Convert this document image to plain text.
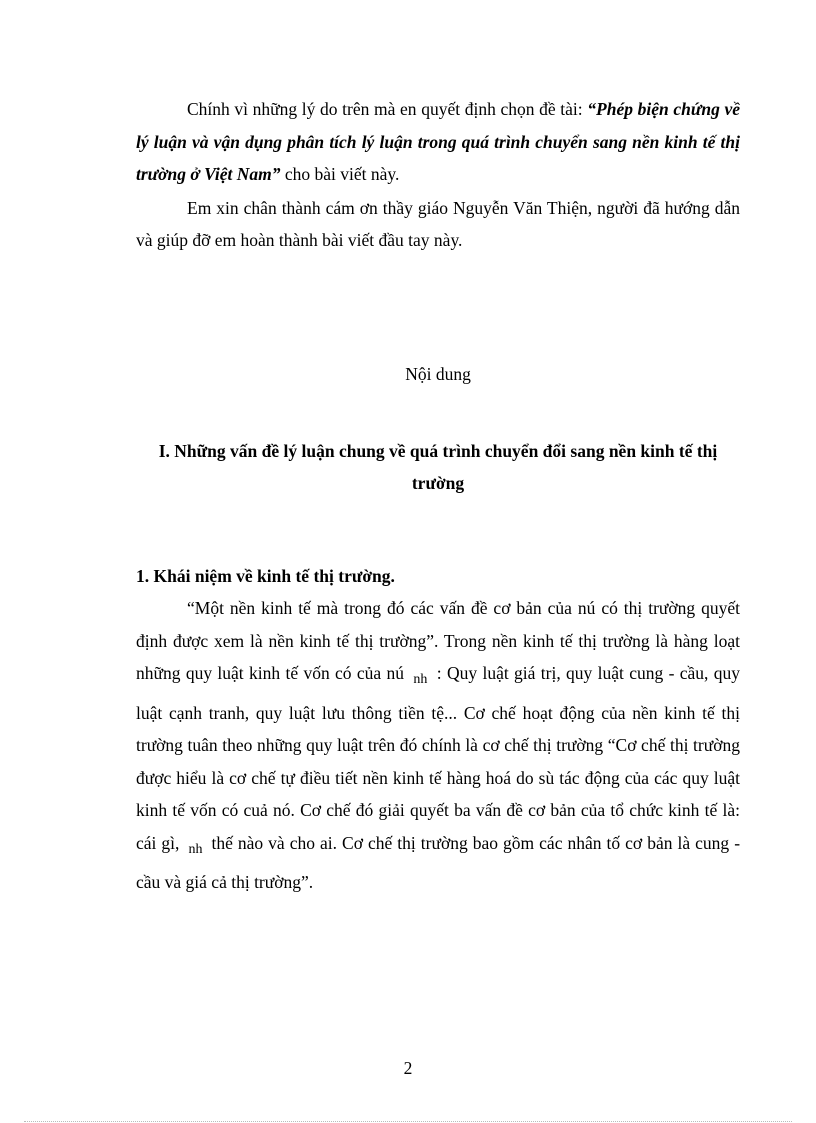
Chính vì những lý do trên mà en quyết định chọn đề tài: “Phép biện chứng về lý luận và vận dụng phân tích lý luận trong quá trình chuyển sang nền kinh tế thị trường ở Việt Nam” cho bài viết này.

Em xin chân thành cám ơn thầy giáo Nguyễn Văn Thiện, người đã hướng dẫn và giúp đỡ em hoàn thành bài viết đầu tay này.

Nội dung
I. Những vấn đề lý luận chung về quá trình chuyển đổi sang nền kinh tế thị trường
1. Khái niệm về kinh tế thị trường.

“Một nền kinh tế mà trong đó các vấn đề cơ bản của nú có thị trường quyết định được xem là nền kinh tế thị trường”. Trong nền kinh tế thị trường là hàng loạt những quy luật kinh tế vốn có của nú $_{nh}$ : Quy luật giá trị, quy luật cung - cầu, quy luật cạnh tranh, quy luật lưu thông tiền tệ... Cơ chế hoạt động của nền kinh tế thị trường tuân theo những quy luật trên đó chính là cơ chế thị trường “Cơ chế thị trường được hiểu là cơ chế tự điều tiết nền kinh tế hàng hoá do sù tác động của các quy luật kinh tế vốn có cuả nó. Cơ chế đó giải quyết ba vấn đề cơ bản của tổ chức kinh tế là: cái gì, $_{nh}$ thế nào và cho ai. Cơ chế thị trường bao gồm các nhân tố cơ bản là cung - cầu và giá cả thị trường”.

2
